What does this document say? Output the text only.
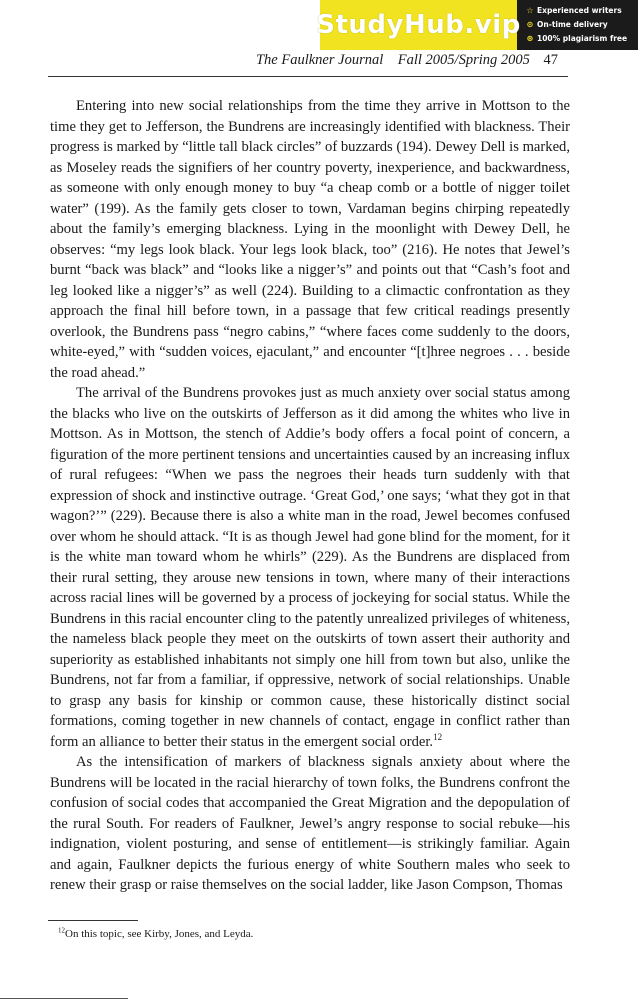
StudyHub .vip ☆ Experienced writers
⊙ On-time delivery
⊛ 100% plagiarism free
The Faulkner Journal Fall 2005/Spring 2005 47

Entering into new social relationships from the time they arrive in Mottson to the time they get to Jefferson, the Bundrens are increasingly identified with blackness. Their progress is marked by “little tall black circles” of buzzards (194). Dewey Dell is marked, as Moseley reads the signifiers of her country poverty, inexperience, and backwardness, as someone with only enough money to buy “a cheap comb or a bottle of nigger toilet water” (199). As the family gets closer to town, Vardaman begins chirping repeatedly about the family’s emerging blackness. Lying in the moonlight with Dewey Dell, he observes: “my legs look black. Your legs look black, too” (216). He notes that Jewel’s burnt “back was black” and “looks like a nigger’s” and points out that “Cash’s foot and leg looked like a nigger’s” as well (224). Building to a climactic confrontation as they approach the final hill before town, in a passage that few critical readings presently overlook, the Bundrens pass “negro cabins,” “where faces come suddenly to the doors, white-eyed,” with “sudden voices, ejaculant,” and encounter “[t]hree negroes . . . beside the road ahead.”

The arrival of the Bundrens provokes just as much anxiety over social status among the blacks who live on the outskirts of Jefferson as it did among the whites who live in Mottson. As in Mottson, the stench of Addie’s body offers a focal point of concern, a figuration of the more pertinent tensions and uncertainties caused by an increasing influx of rural refugees: “When we pass the negroes their heads turn suddenly with that expression of shock and instinctive outrage. ‘Great God,’ one says; ‘what they got in that wagon?’” (229). Because there is also a white man in the road, Jewel becomes confused over whom he should attack. “It is as though Jewel had gone blind for the moment, for it is the white man toward whom he whirls” (229). As the Bundrens are displaced from their rural setting, they arouse new tensions in town, where many of their interactions across racial lines will be governed by a process of jockeying for social status. While the Bundrens in this racial encounter cling to the patently unrealized privileges of whiteness, the nameless black people they meet on the outskirts of town assert their authority and superiority as established inhabitants not simply one hill from town but also, unlike the Bundrens, not far from a familiar, if oppressive, network of social relationships. Unable to grasp any basis for kinship or common cause, these historically distinct social formations, coming together in new channels of contact, engage in conflict rather than form an alliance to better their status in the emergent social order.$^{12}$

As the intensification of markers of blackness signals anxiety about where the Bundrens will be located in the racial hierarchy of town folks, the Bundrens confront the confusion of social codes that accompanied the Great Migration and the depopulation of the rural South. For readers of Faulkner, Jewel’s angry response to social rebuke—his indignation, violent posturing, and sense of entitlement—is strikingly familiar. Again and again, Faulkner depicts the furious energy of white Southern males who seek to renew their grasp or raise themselves on the social ladder, like Jason Compson, Thomas

$^{12}$On this topic, see Kirby, Jones, and Leyda.
